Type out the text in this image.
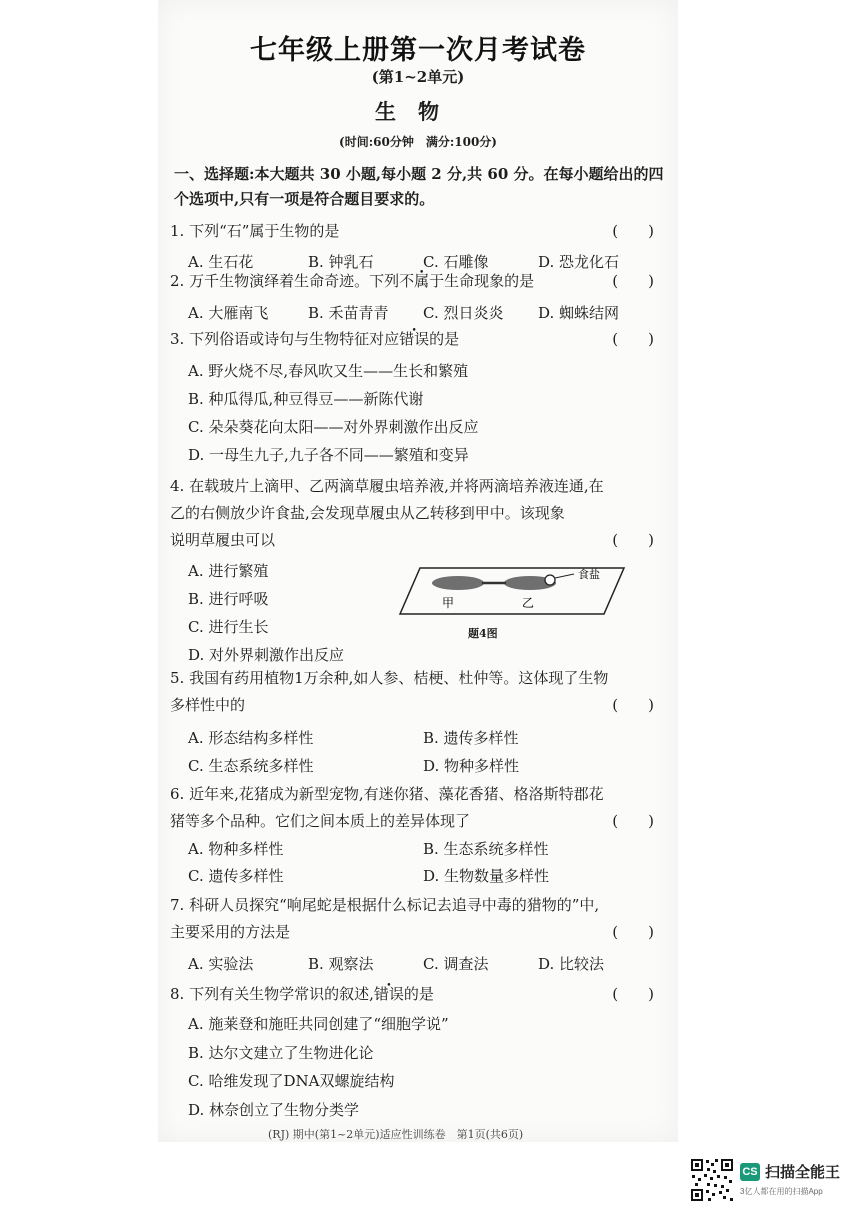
七年级上册第一次月考试卷
(第1~2单元)
生物
(时间:60分钟　满分:100分)
一、选择题:本大题共 30 小题,每小题 2 分,共 60 分。在每小题给出的四个选项中,只有一项是符合题目要求的。
1. 下列“石”属于生物的是	(　　)
A. 生石花	B. 钟乳石	C. 石雕像	D. 恐龙化石
2. 万千生物演绎着生命奇迹。下列不属于生命现象的是	(　　)
A. 大雁南飞	B. 禾苗青青 C. 烈日炎炎 D. 蜘蛛结网
3. 下列俗语或诗句与生物特征对应错误的是	(　　)
A. 野火烧不尽,春风吹又生——生长和繁殖
B. 种瓜得瓜,种豆得豆——新陈代谢
C. 朵朵葵花向太阳——对外界刺激作出反应
D. 一母生九子,九子各不同——繁殖和变异
4. 在载玻片上滴甲、乙两滴草履虫培养液,并将两滴培养液连通,在
乙的右侧放少许食盐,会发现草履虫从乙转移到甲中。该现象
说明草履虫可以	(　　)
A. 进行繁殖
B. 进行呼吸
C. 进行生长
D. 对外界刺激作出反应
甲	乙
食盐
题4图
5. 我国有药用植物1万余种,如人参、桔梗、杜仲等。这体现了生物
多样性中的	(　　)
A. 形态结构多样性	B. 遗传多样性
C. 生态系统多样性	D. 物种多样性
6. 近年来,花猪成为新型宠物,有迷你猪、藻花香猪、格洛斯特郡花
猪等多个品种。它们之间本质上的差异体现了	(　　)
A. 物种多样性	B. 生态系统多样性
C. 遗传多样性	D. 生物数量多样性
7. 科研人员探究“响尾蛇是根据什么标记去追寻中毒的猎物的”中,
主要采用的方法是	(　　)
A. 实验法	B. 观察法	C. 调查法	D. 比较法
8. 下列有关生物学常识的叙述,错误的是	(　　)
A. 施莱登和施旺共同创建了“细胞学说”
B. 达尔文建立了生物进化论
C. 哈维发现了DNA双螺旋结构
D. 林奈创立了生物分类学
(RJ) 期中(第1~2单元)适应性训练卷　第1页(共6页)
CS 扫描全能王
3亿人都在用的扫描App
